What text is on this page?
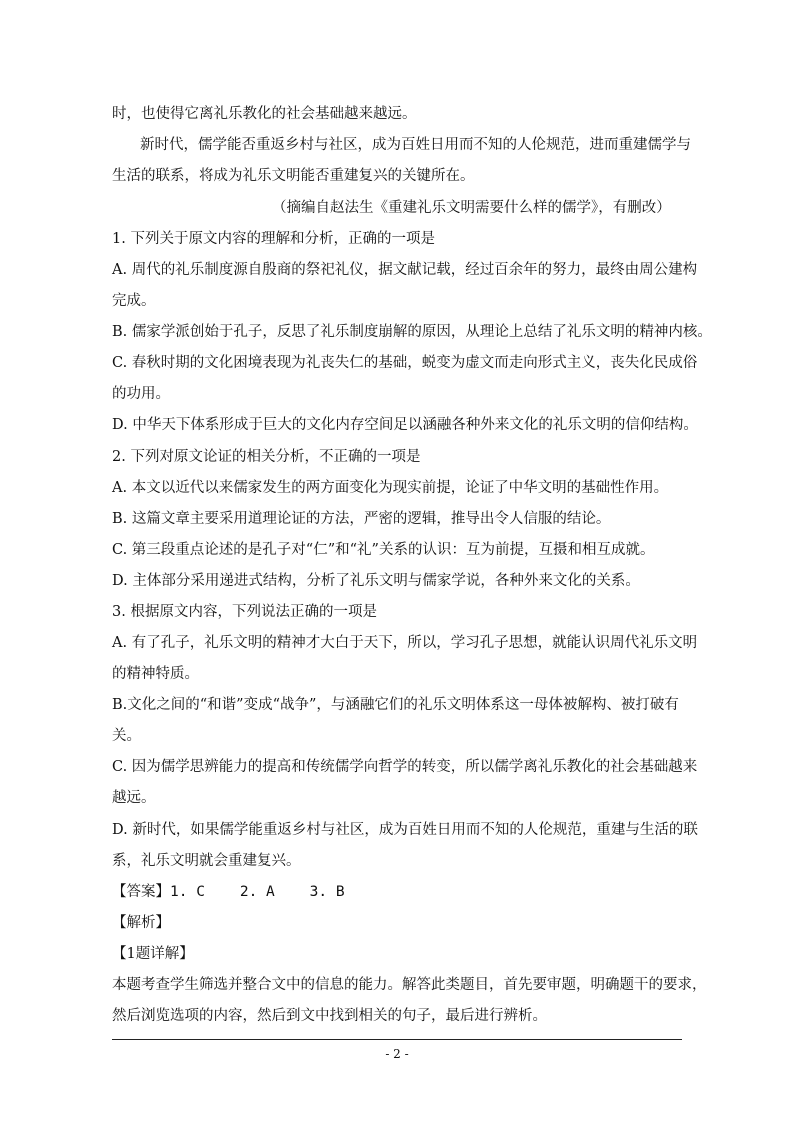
时，也使得它离礼乐教化的社会基础越来越远。
新时代，儒学能否重返乡村与社区，成为百姓日用而不知的人伦规范，进而重建儒学与
生活的联系，将成为礼乐文明能否重建复兴的关键所在。
（摘编自赵法生《重建礼乐文明需要什么样的儒学》，有删改）
1. 下列关于原文内容的理解和分析，正确的一项是
A. 周代的礼乐制度源自殷商的祭祀礼仪，据文献记载，经过百余年的努力，最终由周公建构
完成。
B. 儒家学派创始于孔子，反思了礼乐制度崩解的原因，从理论上总结了礼乐文明的精神内核。
C. 春秋时期的文化困境表现为礼丧失仁的基础，蜕变为虚文而走向形式主义，丧失化民成俗
的功用。
D. 中华天下体系形成于巨大的文化内存空间足以涵融各种外来文化的礼乐文明的信仰结构。
2. 下列对原文论证的相关分析，不正确的一项是
A. 本文以近代以来儒家发生的两方面变化为现实前提，论证了中华文明的基础性作用。
B. 这篇文章主要采用道理论证的方法，严密的逻辑，推导出令人信服的结论。
C. 第三段重点论述的是孔子对“仁”和“礼”关系的认识：互为前提，互摄和相互成就。
D. 主体部分采用递进式结构，分析了礼乐文明与儒家学说，各种外来文化的关系。
3. 根据原文内容，下列说法正确的一项是
A. 有了孔子，礼乐文明的精神才大白于天下，所以，学习孔子思想，就能认识周代礼乐文明
的精神特质。
B.文化之间的“和谐”变成“战争”，与涵融它们的礼乐文明体系这一母体被解构、被打破有
关。
C. 因为儒学思辨能力的提高和传统儒学向哲学的转变，所以儒学离礼乐教化的社会基础越来
越远。
D. 新时代，如果儒学能重返乡村与社区，成为百姓日用而不知的人伦规范，重建与生活的联
系，礼乐文明就会重建复兴。
【答案】1. C    2. A    3. B
【解析】
【1题详解】
本题考查学生筛选并整合文中的信息的能力。解答此类题目，首先要审题，明确题干的要求，
然后浏览选项的内容，然后到文中找到相关的句子，最后进行辨析。
- 2 -
